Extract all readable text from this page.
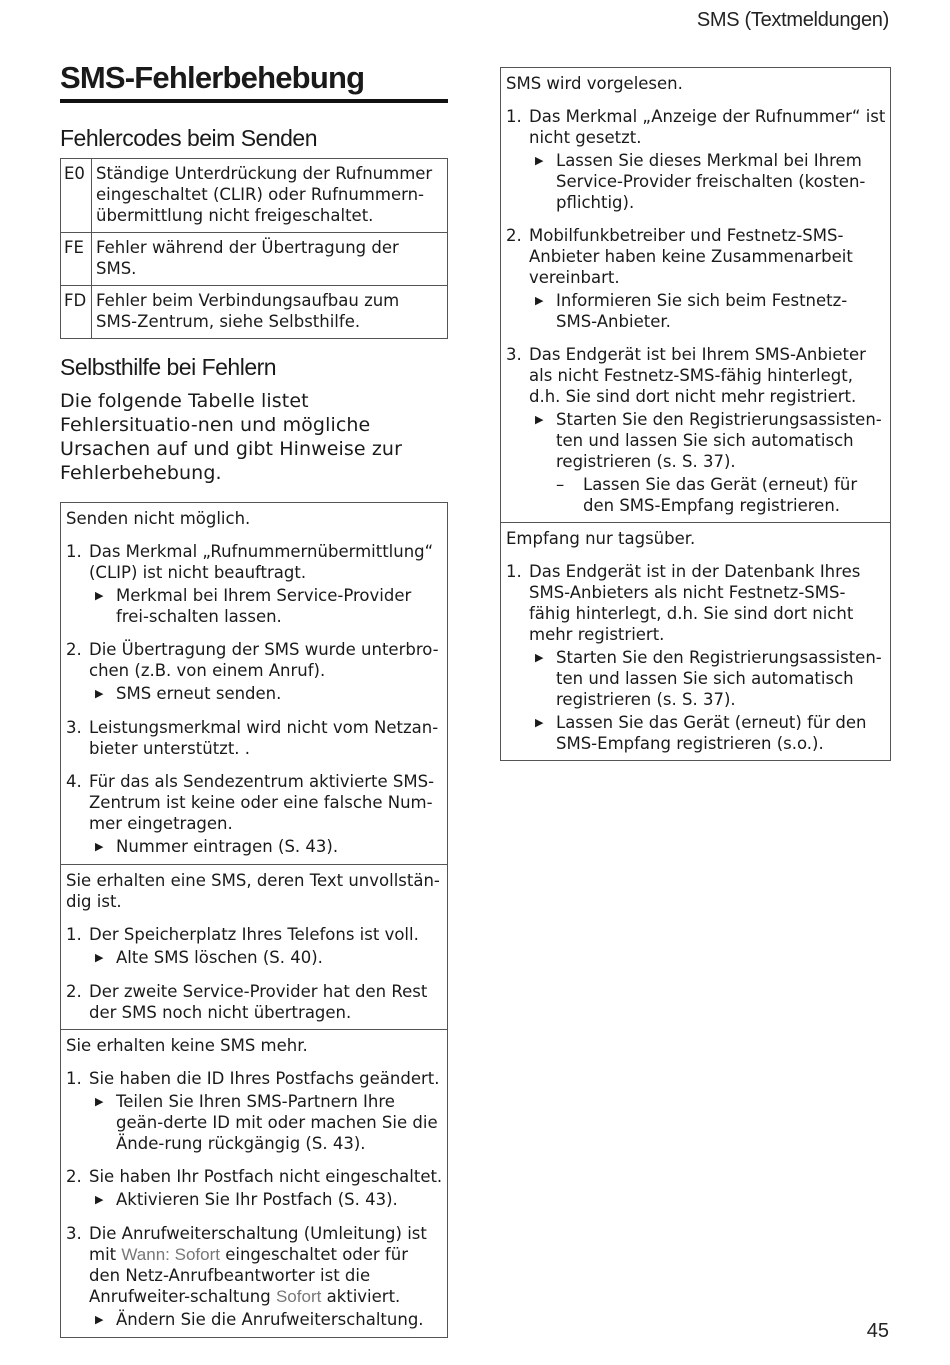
SMS (Textmeldungen)
SMS-Fehlerbehebung
Fehlercodes beim Senden
E0	Ständige Unterdrückung der Rufnummer eingeschaltet (CLIR) oder Rufnummern-übermittlung nicht freigeschaltet.
FE	Fehler während der Übertragung der SMS.
FD	Fehler beim Verbindungsaufbau zum SMS-Zentrum, siehe Selbsthilfe.
Selbsthilfe bei Fehlern

Die folgende Tabelle listet Fehlersituatio-nen und mögliche Ursachen auf und gibt Hinweise zur Fehlerbehebung.

Senden nicht möglich.
1. Das Merkmal „Rufnummernübermittlung“ (CLIP) ist nicht beauftragt.
▶ Merkmal bei Ihrem Service-Provider frei-schalten lassen.
2. Die Übertragung der SMS wurde unterbro-chen (z.B. von einem Anruf).
▶ SMS erneut senden.
3. Leistungsmerkmal wird nicht vom Netzan-bieter unterstützt. .
4. Für das als Sendezentrum aktivierte SMS-Zentrum ist keine oder eine falsche Num-mer eingetragen.
▶ Nummer eintragen (S. 43).
Sie erhalten eine SMS, deren Text unvollstän-dig ist.
1. Der Speicherplatz Ihres Telefons ist voll.
▶ Alte SMS löschen (S. 40).
2. Der zweite Service-Provider hat den Rest der SMS noch nicht übertragen.
Sie erhalten keine SMS mehr.
1. Sie haben die ID Ihres Postfachs geändert.
▶ Teilen Sie Ihren SMS-Partnern Ihre geän-derte ID mit oder machen Sie die Ände-rung rückgängig (S. 43).
2. Sie haben Ihr Postfach nicht eingeschaltet.
▶ Aktivieren Sie Ihr Postfach (S. 43).
3. Die Anrufweiterschaltung (Umleitung) ist mit Wann: Sofort eingeschaltet oder für den Netz-Anrufbeantworter ist die Anrufweiter-schaltung Sofort aktiviert.
▶ Ändern Sie die Anrufweiterschaltung.
SMS wird vorgelesen.
1. Das Merkmal „Anzeige der Rufnummer“ ist nicht gesetzt.
▶ Lassen Sie dieses Merkmal bei Ihrem Service-Provider freischalten (kosten-pflichtig).
2. Mobilfunkbetreiber und Festnetz-SMS-Anbieter haben keine Zusammenarbeit vereinbart.
▶ Informieren Sie sich beim Festnetz-SMS-Anbieter.
3. Das Endgerät ist bei Ihrem SMS-Anbieter als nicht Festnetz-SMS-fähig hinterlegt, d.h. Sie sind dort nicht mehr registriert.
▶ Starten Sie den Registrierungsassisten-ten und lassen Sie sich automatisch registrieren (s. S. 37).
–	Lassen Sie das Gerät (erneut) für den SMS-Empfang registrieren.
Empfang nur tagsüber.
1. Das Endgerät ist in der Datenbank Ihres SMS-Anbieters als nicht Festnetz-SMS-fähig hinterlegt, d.h. Sie sind dort nicht mehr registriert.
▶ Starten Sie den Registrierungsassisten-ten und lassen Sie sich automatisch registrieren (s. S. 37).
▶ Lassen Sie das Gerät (erneut) für den SMS-Empfang registrieren (s.o.).
45
